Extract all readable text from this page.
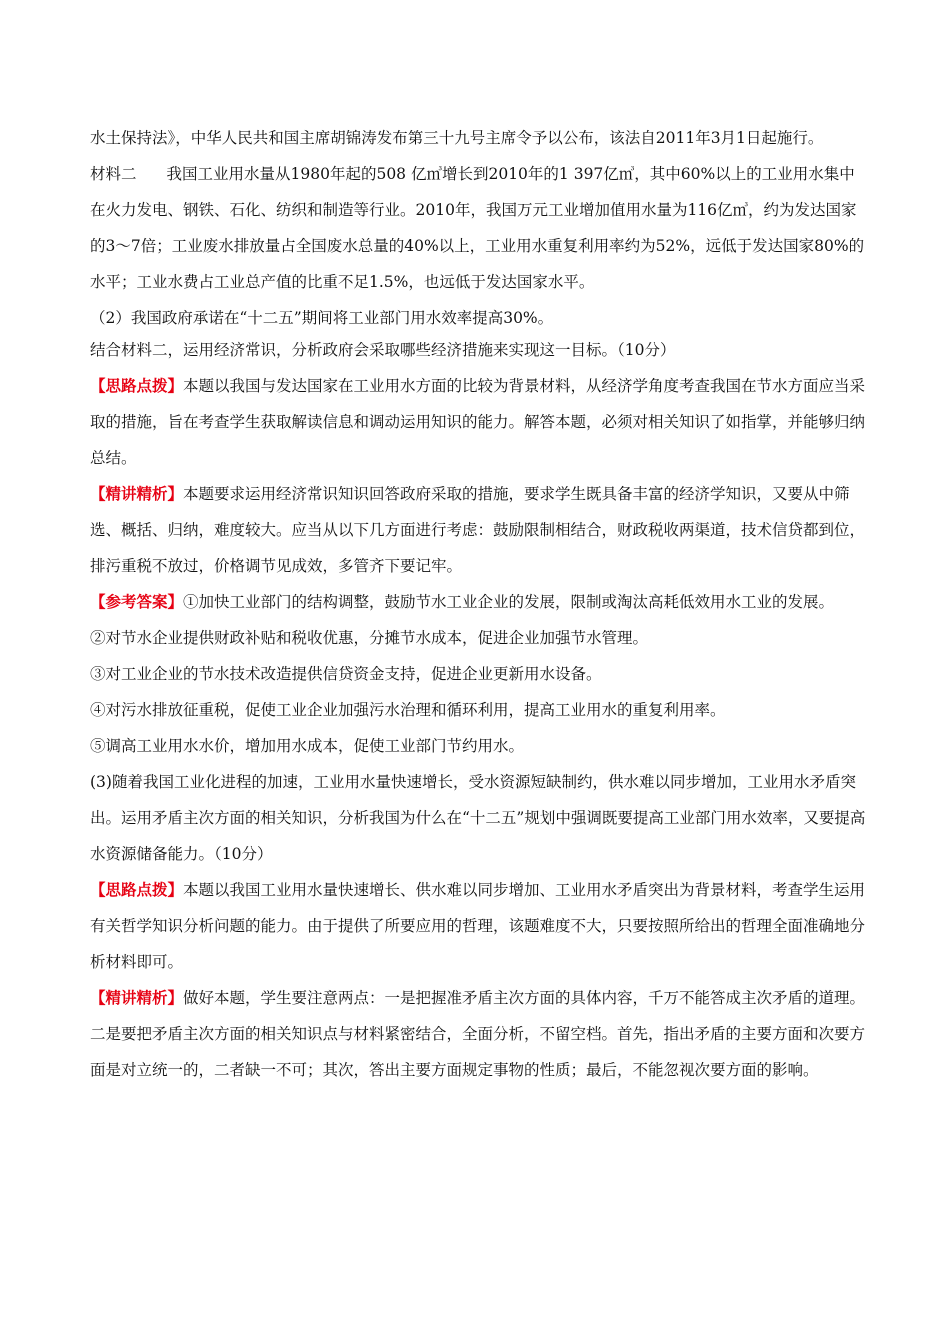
水土保持法》，中华人民共和国主席胡锦涛发布第三十九号主席令予以公布，该法自2011年3月1日起施行。

材料二 我国工业用水量从1980年起的508 亿㎥增长到2010年的1 397亿㎥，其中60%以上的工业用水集中在火力发电、钢铁、石化、纺织和制造等行业。2010年，我国万元工业增加值用水量为116亿㎥，约为发达国家的3～7倍；工业废水排放量占全国废水总量的40%以上，工业用水重复利用率约为52%，远低于发达国家80%的水平；工业水费占工业总产值的比重不足1.5%，也远低于发达国家水平。

（2）我国政府承诺在“十二五”期间将工业部门用水效率提高30%。

结合材料二，运用经济常识，分析政府会采取哪些经济措施来实现这一目标。（10分）

【思路点拨】本题以我国与发达国家在工业用水方面的比较为背景材料，从经济学角度考查我国在节水方面应当采取的措施，旨在考查学生获取解读信息和调动运用知识的能力。解答本题，必须对相关知识了如指掌，并能够归纳总结。

【精讲精析】本题要求运用经济常识知识回答政府采取的措施，要求学生既具备丰富的经济学知识，又要从中筛选、概括、归纳，难度较大。应当从以下几方面进行考虑：鼓励限制相结合，财政税收两渠道，技术信贷都到位，排污重税不放过，价格调节见成效，多管齐下要记牢。

【参考答案】①加快工业部门的结构调整，鼓励节水工业企业的发展，限制或淘汰高耗低效用水工业的发展。

②对节水企业提供财政补贴和税收优惠，分摊节水成本，促进企业加强节水管理。

③对工业企业的节水技术改造提供信贷资金支持，促进企业更新用水设备。

④对污水排放征重税，促使工业企业加强污水治理和循环利用，提高工业用水的重复利用率。

⑤调高工业用水水价，增加用水成本，促使工业部门节约用水。

(3)随着我国工业化进程的加速，工业用水量快速增长，受水资源短缺制约，供水难以同步增加，工业用水矛盾突出。运用矛盾主次方面的相关知识，分析我国为什么在“十二五”规划中强调既要提高工业部门用水效率，又要提高水资源储备能力。（10分）

【思路点拨】本题以我国工业用水量快速增长、供水难以同步增加、工业用水矛盾突出为背景材料，考查学生运用有关哲学知识分析问题的能力。由于提供了所要应用的哲理，该题难度不大，只要按照所给出的哲理全面准确地分析材料即可。

【精讲精析】做好本题，学生要注意两点：一是把握准矛盾主次方面的具体内容，千万不能答成主次矛盾的道理。二是要把矛盾主次方面的相关知识点与材料紧密结合，全面分析，不留空档。首先，指出矛盾的主要方面和次要方面是对立统一的，二者缺一不可；其次，答出主要方面规定事物的性质；最后，不能忽视次要方面的影响。
